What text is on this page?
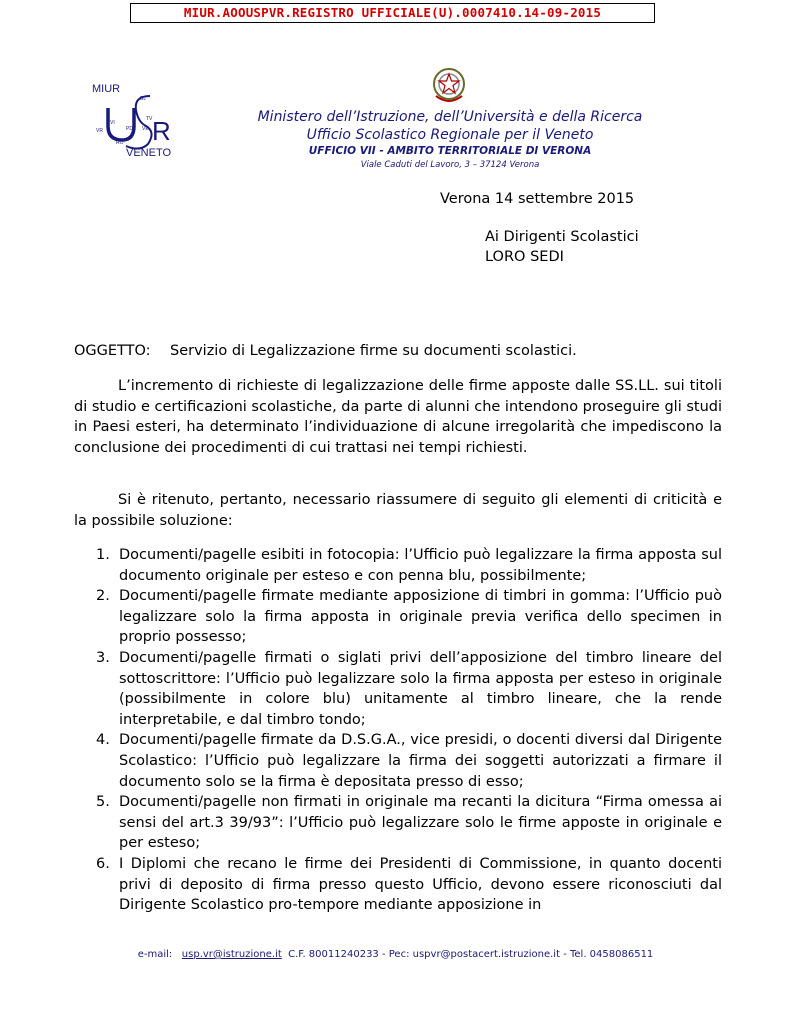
MIUR.AOOUSPVR.REGISTRO UFFICIALE(U).0007410.14-09-2015
MIUR
R
BL
TV
VR	PD VE
RO
VI
VENETO
Ministero dell’Istruzione, dell’Università e della Ricerca
Ufficio Scolastico Regionale per il Veneto
UFFICIO VII - AMBITO TERRITORIALE DI VERONA
Viale Caduti del Lavoro, 3 – 37124 Verona
Verona 14 settembre 2015
Ai Dirigenti Scolastici
LORO SEDI
OGGETTO: Servizio di Legalizzazione firme su documenti scolastici.
L’incremento di richieste di legalizzazione delle firme apposte dalle SS.LL. sui titoli di studio e certificazioni scolastiche, da parte di alunni che intendono proseguire gli studi in Paesi esteri, ha determinato l’individuazione di alcune irregolarità che impediscono la conclusione dei procedimenti di cui trattasi nei tempi richiesti.
Si è ritenuto, pertanto, necessario riassumere di seguito gli elementi di criticità e la possibile soluzione:
1. Documenti/pagelle esibiti in fotocopia: l’Ufficio può legalizzare la firma apposta sul documento originale per esteso e con penna blu, possibilmente;
2. Documenti/pagelle firmate mediante apposizione di timbri in gomma: l’Ufficio può legalizzare solo la firma apposta in originale previa verifica dello specimen in proprio possesso;
3. Documenti/pagelle firmati o siglati privi dell’apposizione del timbro lineare del sottoscrittore: l’Ufficio può legalizzare solo la firma apposta per esteso in originale (possibilmente in colore blu) unitamente al timbro lineare, che la rende interpretabile, e dal timbro tondo;
4. Documenti/pagelle firmate da D.S.G.A., vice presidi, o docenti diversi dal Dirigente Scolastico: l’Ufficio può legalizzare la firma dei soggetti autorizzati a firmare il documento solo se la firma è depositata presso di esso;
5. Documenti/pagelle non firmati in originale ma recanti la dicitura “Firma omessa ai sensi del art.3 39/93”: l’Ufficio può legalizzare solo le firme apposte in originale e per esteso;
6. I Diplomi che recano le firme dei Presidenti di Commissione, in quanto docenti privi di deposito di firma presso questo Ufficio, devono essere riconosciuti dal Dirigente Scolastico pro-tempore mediante apposizione in
e-mail: usp.vr@istruzione.it C.F. 80011240233 - Pec: uspvr@postacert.istruzione.it - Tel. 0458086511
